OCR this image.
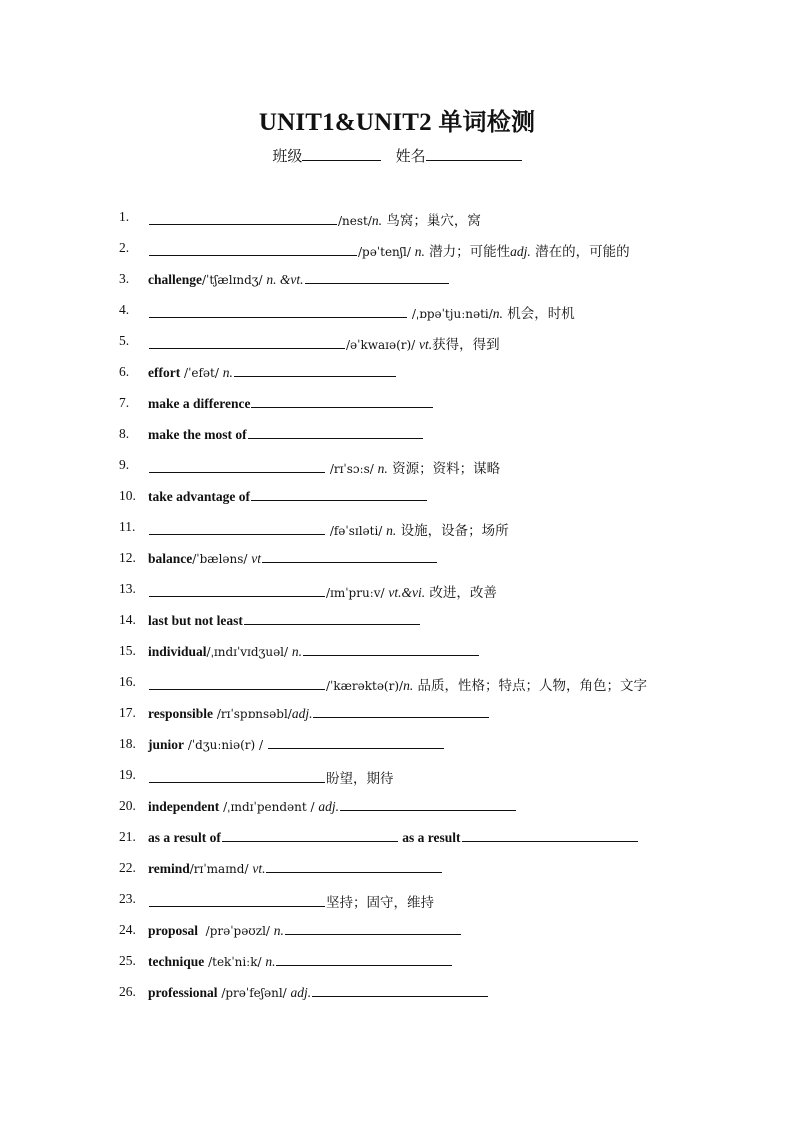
UNIT1&UNIT2 单词检测
班级	姓名
1.	/nest/ n. 鸟窝；巢穴，窝
2.	/pəˈtenʃl/ n. 潜力；可能性 adj. 潜在的，可能的
3.	challenge /ˈtʃælɪndʒ/ n. &vt.
4.	/ˌɒpəˈtjuːnəti/ n. 机会，时机
5.	/əˈkwaɪə(r)/ vt. 获得，得到
6.	effort /ˈefət/ n.
7.	make a difference
8.	make the most of
9.	/rɪˈsɔːs/ n. 资源；资料；谋略
10. take advantage of
11.	/fəˈsɪləti/ n. 设施，设备；场所
12. balance /ˈbæləns/ vt
13.	/ɪmˈpruːv/ vt.&vi. 改进，改善
14. last but not least
15. individual /ˌɪndɪˈvɪdʒuəl/ n.
16.	/ˈkærəktə(r)/ n. 品质，性格；特点；人物，角色；文字
17. responsible /rɪˈspɒnsəbl/ adj.
18. junior /ˈdʒuːniə(r) /
19.	盼望，期待
20. independent /ˌɪndɪˈpendənt / adj.
21. as a result of	as a result
22. remind /rɪˈmaɪnd/ vt.
23.	坚持；固守，维持
24. proposal /prəˈpəʊzl/ n.
25. technique /tekˈniːk/ n.
26. professional /prəˈfeʃənl/ adj.
